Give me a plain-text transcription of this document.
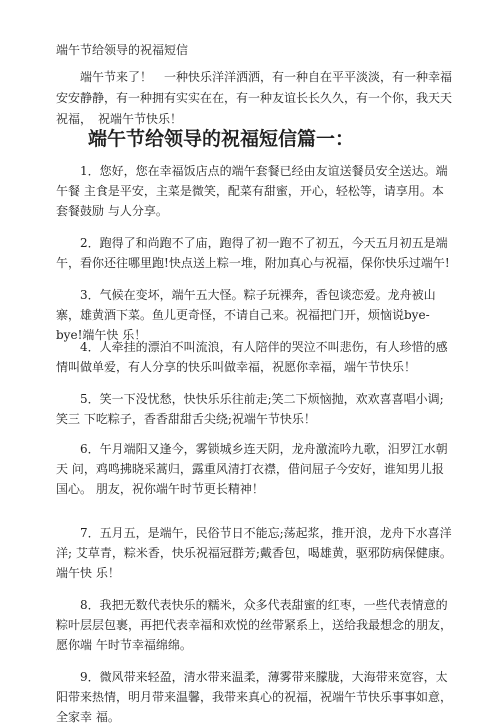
端午节给领导的祝福短信

端午节来了！　一种快乐洋洋洒洒，有一种自在平平淡淡，有一种幸福安安静静，有一种拥有实实在在，有一种友谊长长久久，有一个你，我天天祝福，　祝端午节快乐！

端午节给领导的祝福短信篇一：

1．您好，您在幸福饭店点的端午套餐已经由友谊送餐员安全送达。端午餐 主食是平安，主菜是微笑，配菜有甜蜜，开心，轻松等，请享用。本套餐鼓励 与人分享。

2．跑得了和尚跑不了庙，跑得了初一跑不了初五，今天五月初五是端午，看你还往哪里跑!快点送上粽一堆，附加真心与祝福，保你快乐过端午!

3．气候在变坏，端午五大怪。粽子玩裸奔，香包谈恋爱。龙舟被山寨，雄黄酒下菜。鱼儿更奇怪，不请自己来。祝福把门开，烦恼说bye-bye!端午快 乐！

4．人牵挂的漂泊不叫流浪，有人陪伴的哭泣不叫悲伤，有人珍惜的感情叫做单爱，有人分享的快乐叫做幸福，祝愿你幸福，端午节快乐！

5．笑一下没忧愁，快快乐乐往前走;笑二下烦恼抛，欢欢喜喜唱小调;笑三 下吃粽子，香香甜甜舌尖绕;祝端午节快乐！

6．午月端阳又逢今，雾锁城乡连天阴，龙舟激流吟九歌，汨罗江水朝天 问，鸡鸣拂晓采蒿归，露重风清打衣襟，借问屈子今安好，谁知男儿报国心。 朋友，祝你端午时节更长精神！

7．五月五，是端午，民俗节日不能忘;荡起浆，推开浪，龙舟下水喜洋洋; 艾草青，粽米香，快乐祝福冠群芳;戴香包，喝雄黄，驱邪防病保健康。端午快 乐！

8．我把无数代表快乐的糯米，众多代表甜蜜的红枣，一些代表情意的粽叶层层包裹，再把代表幸福和欢悦的丝带紧系上，送给我最想念的朋友，愿你端 午时节幸福绵绵。

9．微风带来轻盈，清水带来温柔，薄雾带来朦胧，大海带来宽容，太阳带来热情，明月带来温馨，我带来真心的祝福，祝端午节快乐事事如意，全家幸 福。
